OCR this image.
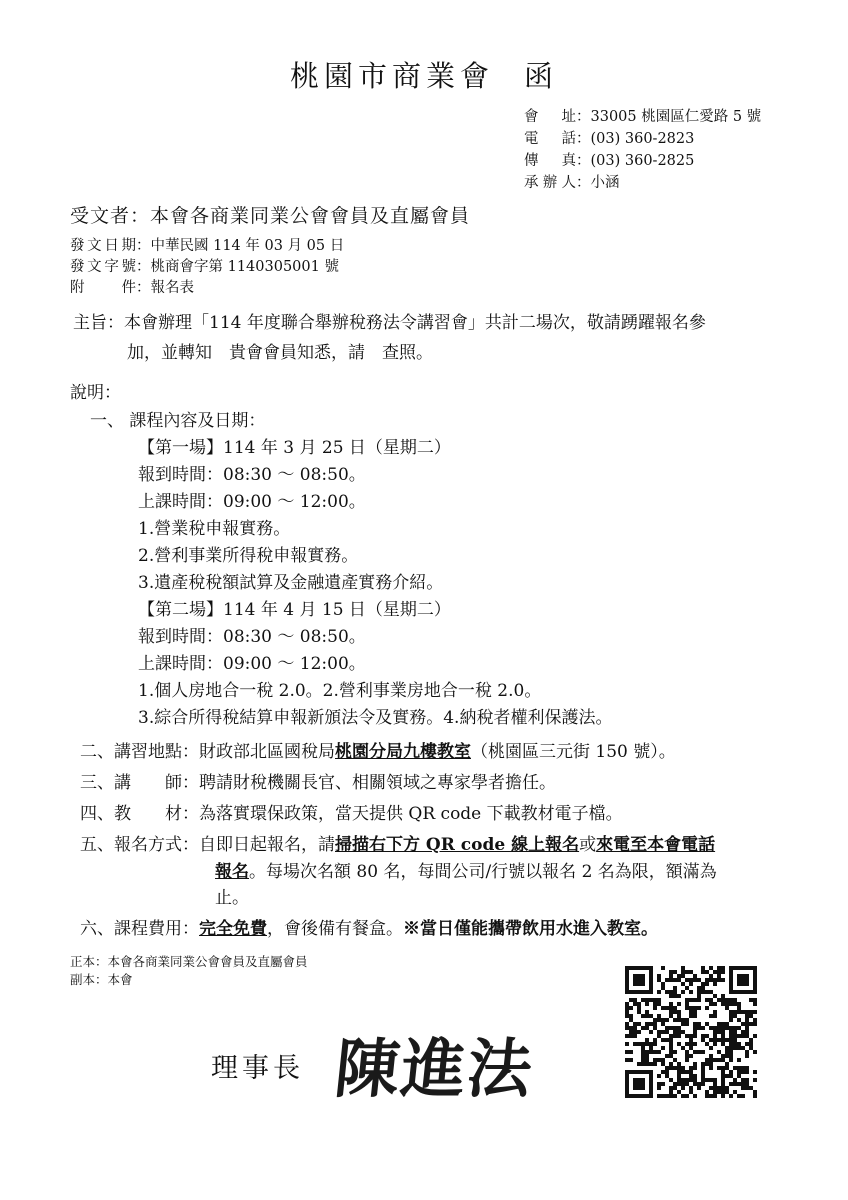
桃園市商業會 函
會址：33005 桃園區仁愛路 5 號
電話：(03) 360-2823
傳真：(03) 360-2825
承辦人：小涵
受文者：本會各商業同業公會會員及直屬會員
發文日期：中華民國 114 年 03 月 05 日
發文字號：桃商會字第 1140305001 號
附件：報名表
主旨：本會辦理「114 年度聯合舉辦稅務法令講習會」共計二場次，敬請踴躍報名參
加，並轉知　貴會會員知悉，請　查照。
說明：
一、 課程內容及日期：
【第一場】114 年 3 月 25 日（星期二）
報到時間：08:30 ～ 08:50。
上課時間：09:00 ～ 12:00。
1.營業稅申報實務。
2.營利事業所得稅申報實務。
3.遺產稅稅額試算及金融遺產實務介紹。
【第二場】114 年 4 月 15 日（星期二）
報到時間：08:30 ～ 08:50。
上課時間：09:00 ～ 12:00。
1.個人房地合一稅 2.0。2.營利事業房地合一稅 2.0。
3.綜合所得稅結算申報新頒法令及實務。4.納稅者權利保護法。
二、講習地點：財政部北區國稅局桃園分局九樓教室（桃園區三元街 150 號）。
三、講　　師：聘請財稅機關長官、相關領域之專家學者擔任。
四、教　　材：為落實環保政策，當天提供 QR code 下載教材電子檔。
五、報名方式：自即日起報名，請掃描右下方 QR code 線上報名或來電至本會電話
報名。每場次名額 80 名，每間公司/行號以報名 2 名為限，額滿為
止。
六、課程費用：完全免費，會後備有餐盒。※當日僅能攜帶飲用水進入教室。
正本：本會各商業同業公會會員及直屬會員
副本：本會
理事長 陳進法
